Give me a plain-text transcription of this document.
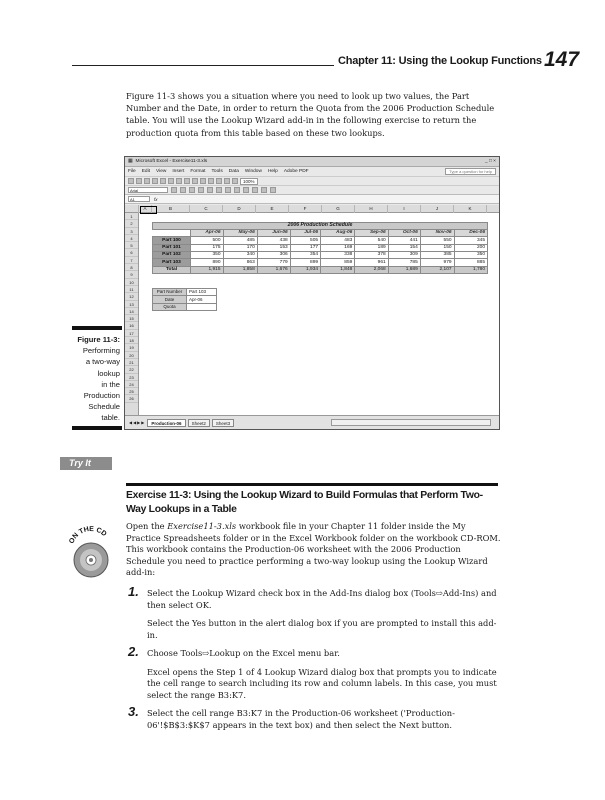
Chapter 11: Using the Lookup Functions 147

Figure 11-3 shows you a situation where you need to look up two values, the Part Number and the Date, in order to return the Quota from the 2006 Production Schedule table. You will use the Lookup Wizard add-in in the following exercise to return the production quota from this table based on these two lookups.

▦ Microsoft Excel - Exercise11-3.xls	_ □ ×
File Edit View Insert Format Tools Data Window Help Adobe PDF	Type a question for help
100%
Arial
A1	fx
A	B	C	D	E	F	G	H	I	J	K
1
2
3
4
5
6
7
8
9
10
11
12
13
14
15
16
17
18
19
20
21
22
23
24
25
26

2006 Production Schedule									
	Apr-06	May-06	Jun-06	Jul-06	Aug-06	Sep-06	Oct-06	Nov-06	Dec-06
Part 100	500	485	438	505	483	540	441	550	345
Part 101	175	170	153	177	169	189	154	150	200
Part 102	350	340	306	354	338	378	309	385	350
Part 103	890	863	779	899	859	961	785	979	885
Total	1,915	1,858	1,676	1,934	1,848	2,068	1,689	2,107	1,780
Part Number	Part 103
Date	Apr-06
Quota	
◀◀▶▶	Production-06	Sheet2	Sheet3
Figure 11-3:
Performing
a two-way
lookup
in the
Production
Schedule
table.
Try It
Exercise 11-3: Using the Lookup Wizard to Build Formulas that Perform Two-Way Lookups in a Table
ON THE CD

Open the Exercise11-3.xls workbook file in your Chapter 11 folder inside the My Practice Spreadsheets folder or in the Excel Workbook folder on the workbook CD-ROM. This workbook contains the Production-06 worksheet with the 2006 Production Schedule you need to practice performing a two-way lookup using the Lookup Wizard add-in:

1. Select the Lookup Wizard check box in the Add-Ins dialog box (Tools⇨Add-Ins) and then select OK.

Select the Yes button in the alert dialog box if you are prompted to install this add-in.

2. Choose Tools⇨Lookup on the Excel menu bar.

Excel opens the Step 1 of 4 Lookup Wizard dialog box that prompts you to indicate the cell range to search including its row and column labels. In this case, you must select the range B3:K7.

3. Select the cell range B3:K7 in the Production-06 worksheet ('Production-06'!$B$3:$K$7 appears in the text box) and then select the Next button.
